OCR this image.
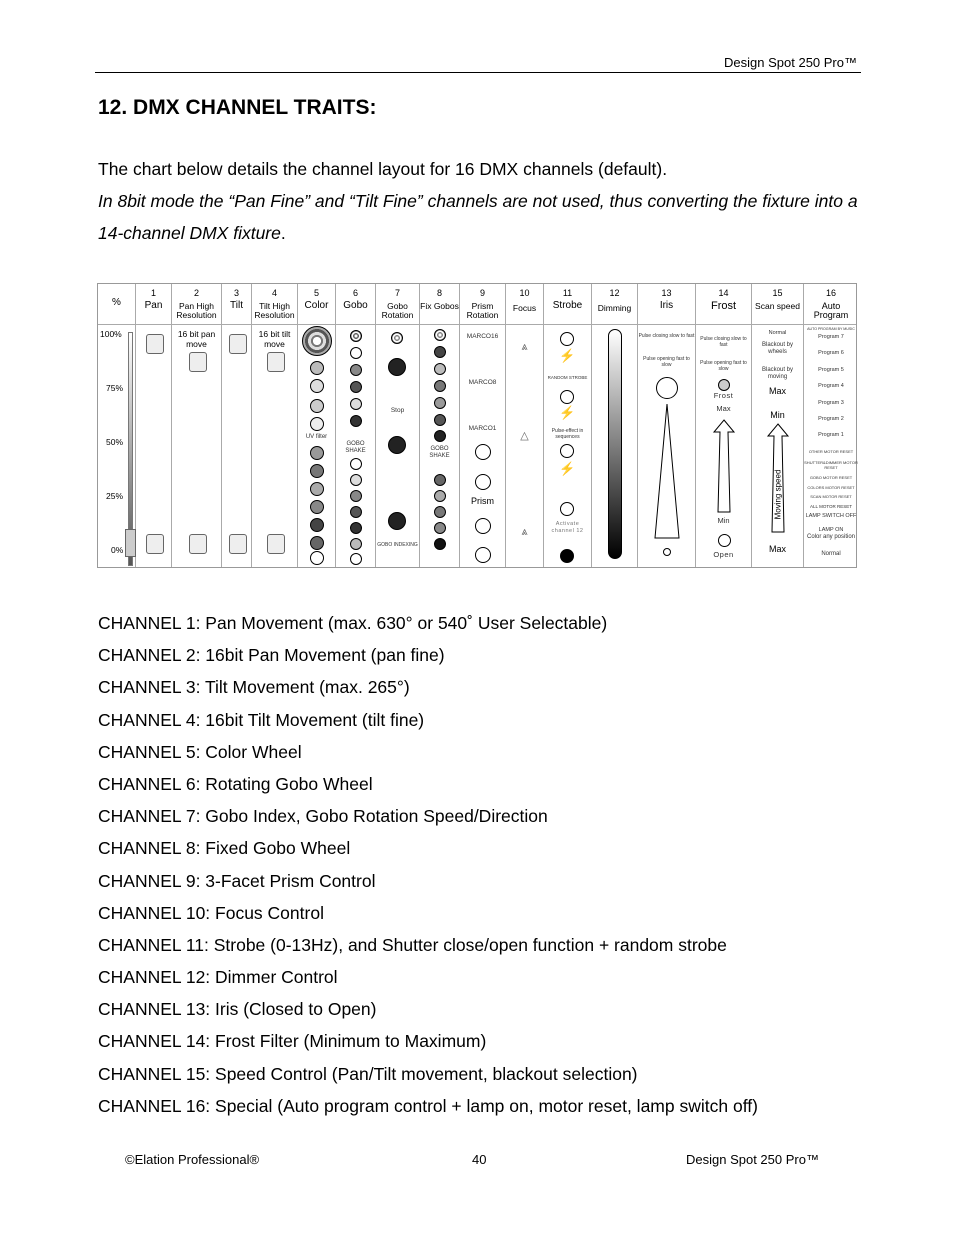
Design Spot 250 Pro™
12. DMX CHANNEL TRAITS:

The chart below details the channel layout for 16 DMX channels (default).
In 8bit mode the “Pan Fine” and “Tilt Fine” channels are not used, thus converting the fixture into a 14-channel DMX fixture.

%
100%
75%
50%
25%
0%
1
Pan
2
Pan High Resolution
16 bit pan move
3
Tilt
4
Tilt High Resolution
16 bit tilt move
5
Color
UV filter
6
Gobo
GOBO SHAKE
7
Gobo Rotation
Stop
GOBO INDEXING
8
Fix Gobos
GOBO SHAKE
9
Prism Rotation
MARCO16
MARCO8
MARCO1
Prism
10
Focus
⩓
△
⩓
11
Strobe
⚡
RANDOM STROBE
⚡
Pulse-effect in sequences
⚡
Activate channel 12
12
Dimming
13
Iris
Pulse closing slow to fast
Pulse opening fast to slow
14
Frost
Pulse closing slow to fast
Pulse opening fast to slow
Frost
Max
Min
Open
15
Scan speed
Normal
Blackout by wheels
Blackout by moving
Max
Min
Moving speed
Max
16
Auto Program
AUTO PROGRAM BY MUSIC
Program 7
Program 6
Program 5
Program 4
Program 3
Program 2
Program 1
OTHER MOTOR RESET
SHUTTER&DIMMER MOTOR RESET
GOBO MOTOR RESET
COLORS MOTOR RESET
SCAN MOTOR RESET
ALL MOTOR RESET
LAMP SWITCH OFF
LAMP ON
Color any position
Normal
CHANNEL 1: Pan Movement (max. 630° or 540˚ User Selectable)
CHANNEL 2: 16bit Pan Movement (pan fine)
CHANNEL 3: Tilt Movement (max. 265°)
CHANNEL 4: 16bit Tilt Movement (tilt fine)
CHANNEL 5: Color Wheel
CHANNEL 6: Rotating Gobo Wheel
CHANNEL 7: Gobo Index, Gobo Rotation Speed/Direction
CHANNEL 8: Fixed Gobo Wheel
CHANNEL 9: 3-Facet Prism Control
CHANNEL 10: Focus Control
CHANNEL 11: Strobe (0-13Hz), and Shutter close/open function + random strobe
CHANNEL 12: Dimmer Control
CHANNEL 13: Iris (Closed to Open)
CHANNEL 14: Frost Filter (Minimum to Maximum)
CHANNEL 15: Speed Control (Pan/Tilt movement, blackout selection)
CHANNEL 16: Special (Auto program control + lamp on, motor reset, lamp switch off)
©Elation Professional®	40	Design Spot 250 Pro™
